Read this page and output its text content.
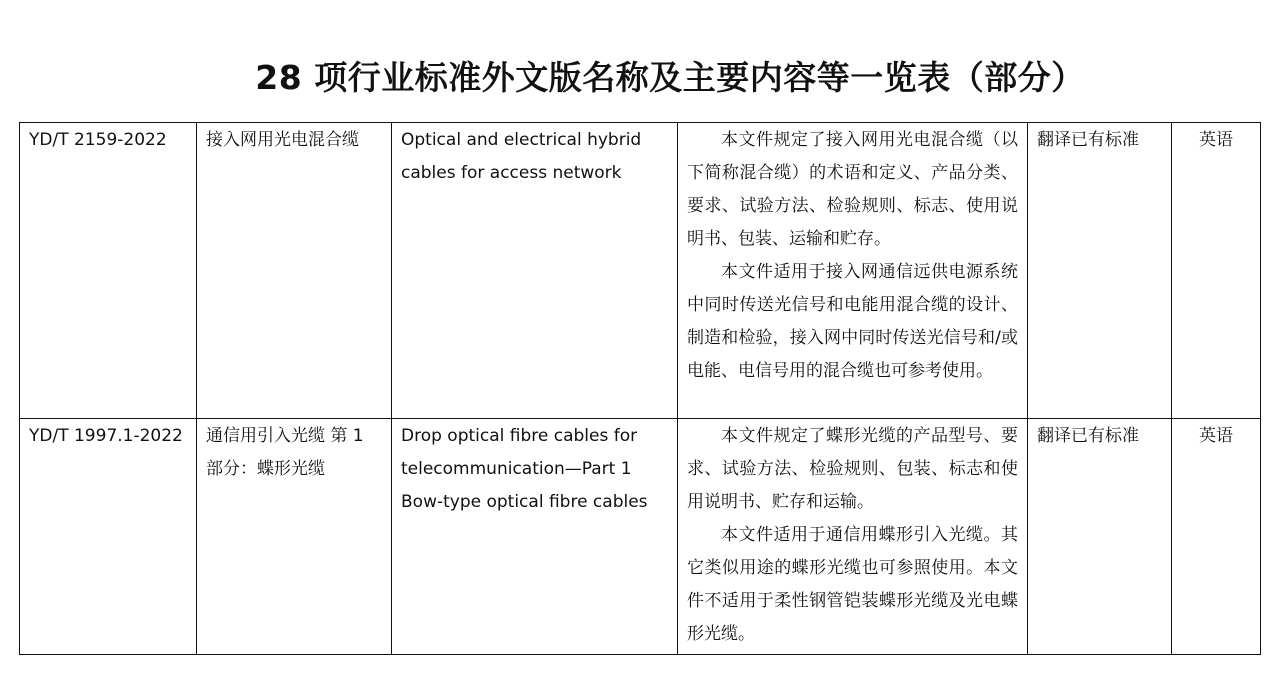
28 项行业标准外文版名称及主要内容等一览表（部分）
YD/T 2159-2022	接入网用光电混合缆	Optical and electrical hybrid cables for access network	本文件规定了接入网用光电混合缆（以下简称混合缆）的术语和定义、产品分类、要求、试验方法、检验规则、标志、使用说明书、包装、运输和贮存。

本文件适用于接入网通信远供电源系统中同时传送光信号和电能用混合缆的设计、制造和检验，接入网中同时传送光信号和/或电能、电信号用的混合缆也可参考使用。	翻译已有标准	英语
YD/T 1997.1-2022	通信用引入光缆 第 1 部分：蝶形光缆	Drop optical fibre cables for telecommunication—Part 1 Bow-type optical fibre cables	本文件规定了蝶形光缆的产品型号、要求、试验方法、检验规则、包装、标志和使用说明书、贮存和运输。

本文件适用于通信用蝶形引入光缆。其它类似用途的蝶形光缆也可参照使用。本文件不适用于柔性钢管铠装蝶形光缆及光电蝶形光缆。	翻译已有标准	英语
